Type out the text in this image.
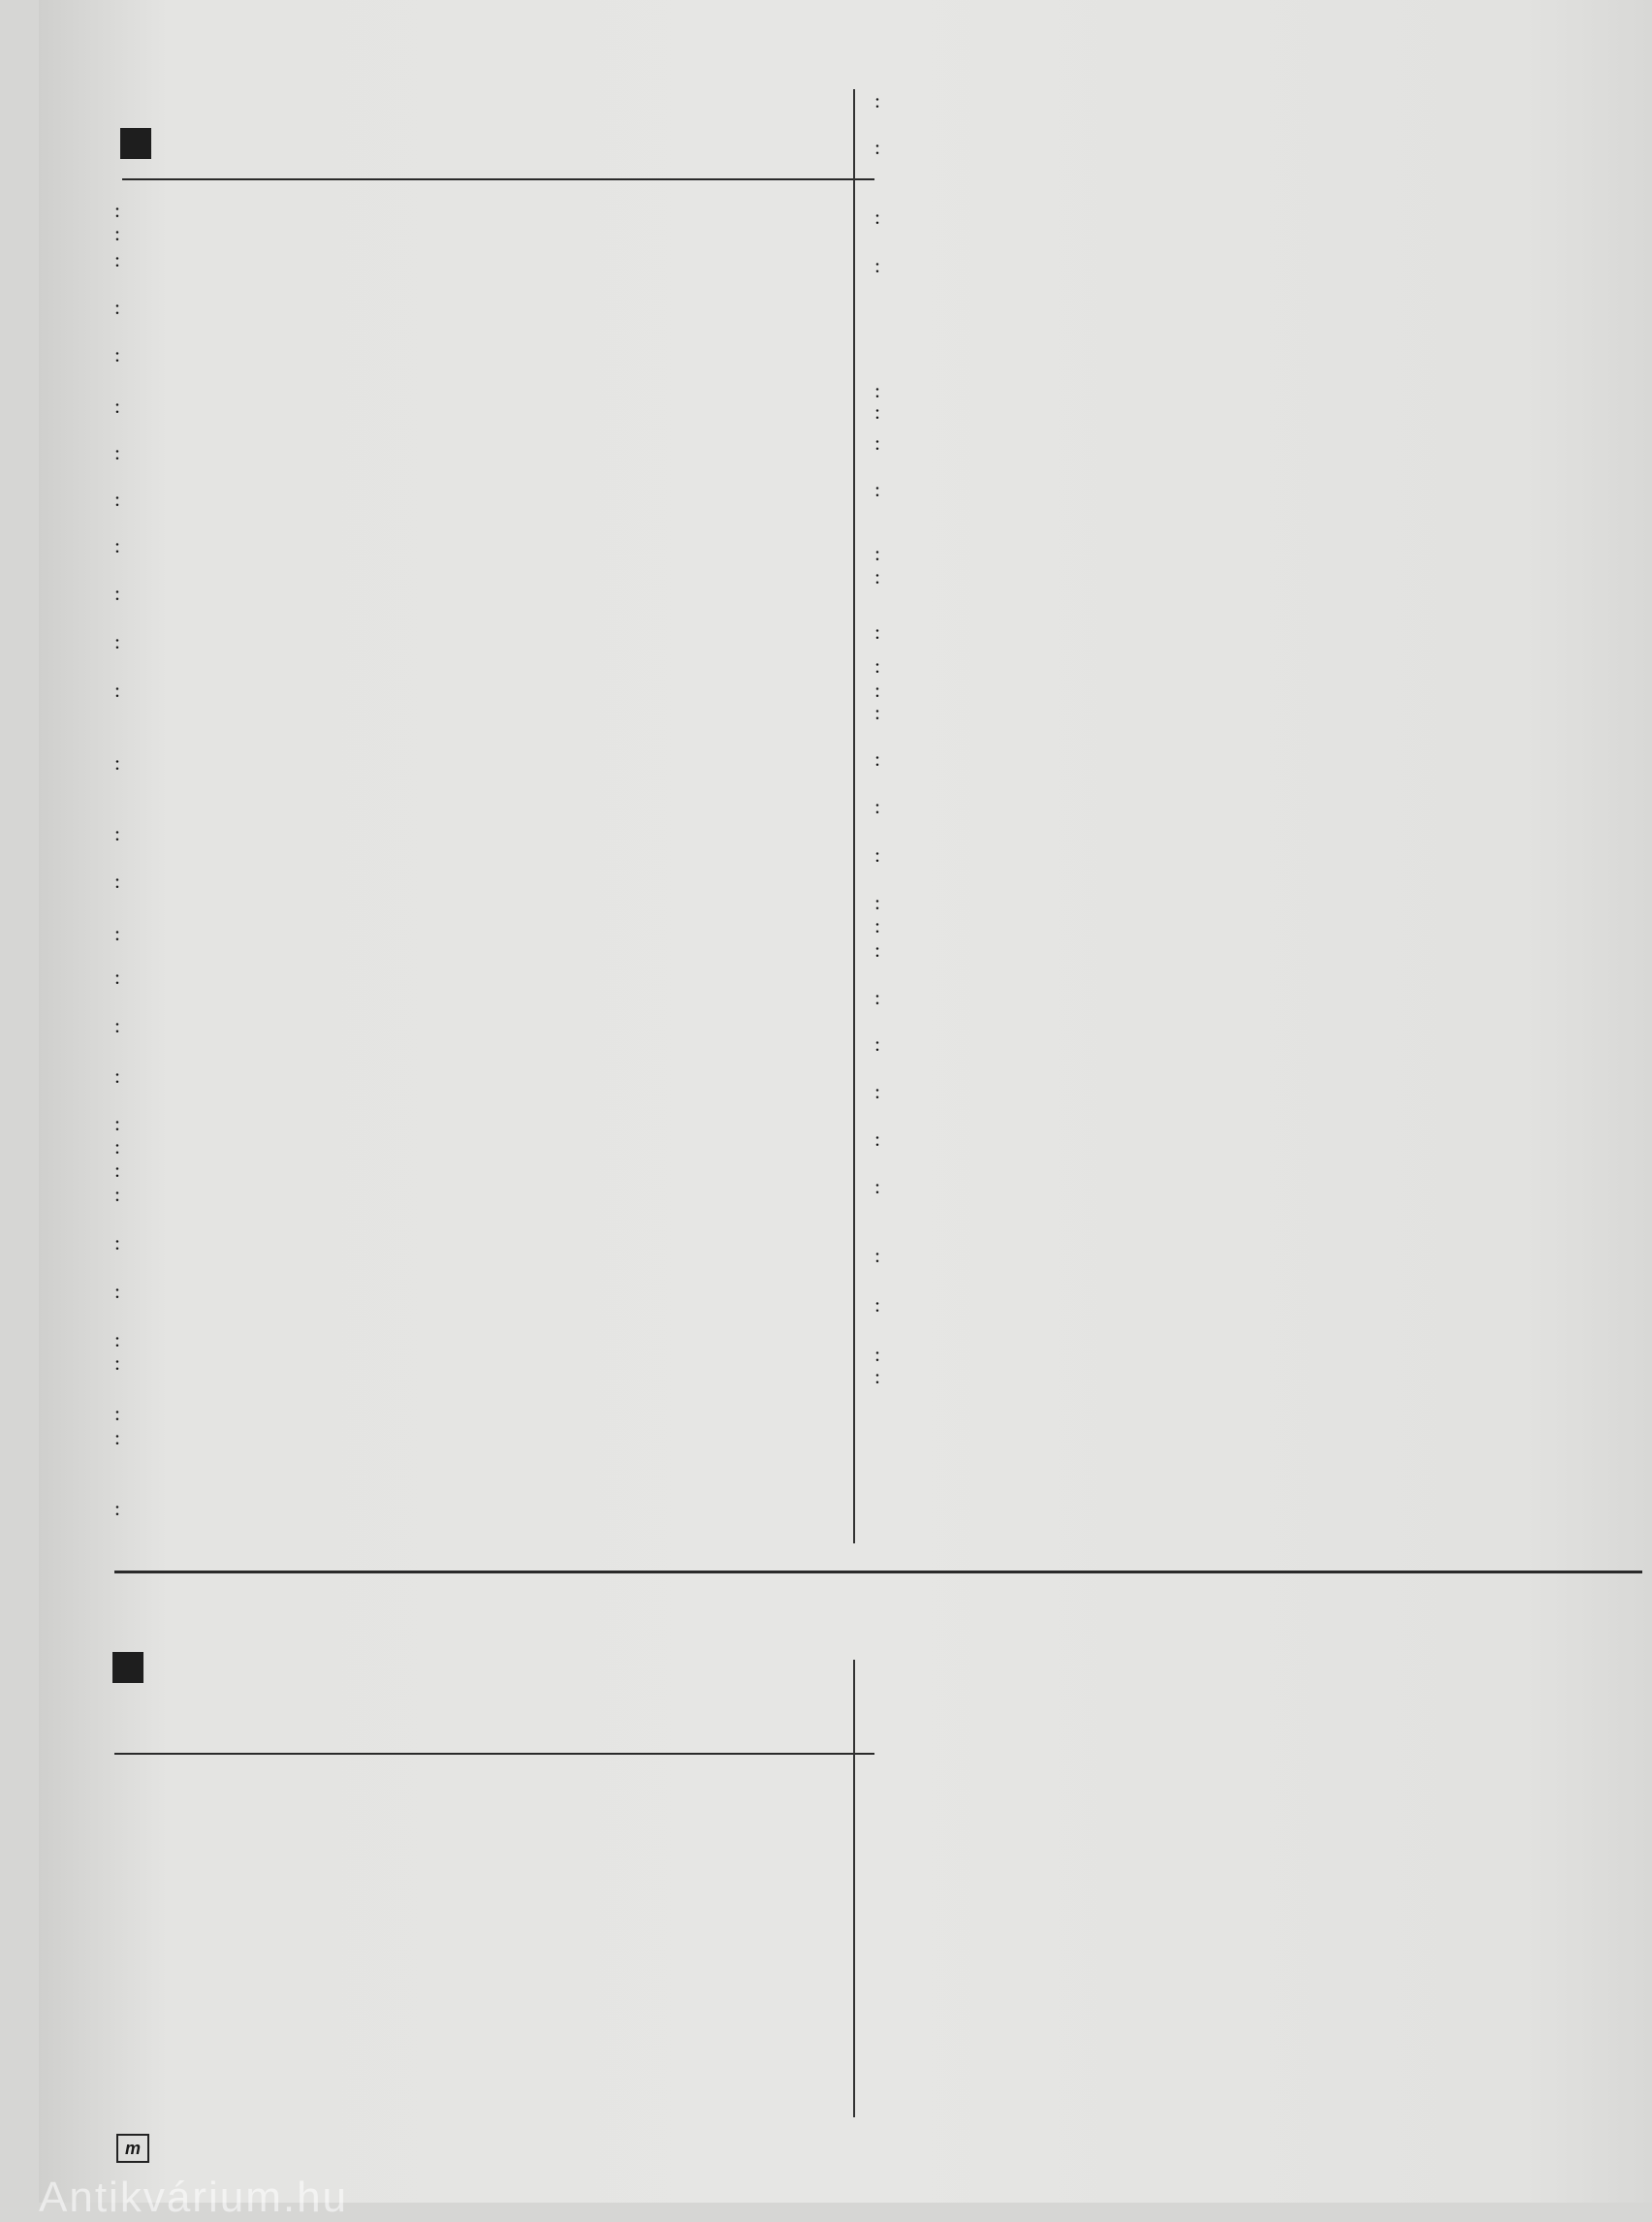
:
:
:
:
:
:
:
:
:
:
:
:
:
:
:
:
:
:
:
:
:
:
:
:
:
:
:
:
:
:
:
:
:
:
:
:
:
:
:
:
:
:
:
:
:
:
:
:
:
:
:
:
:
:
:
:
:
:
:
m
Antikvárium.hu
